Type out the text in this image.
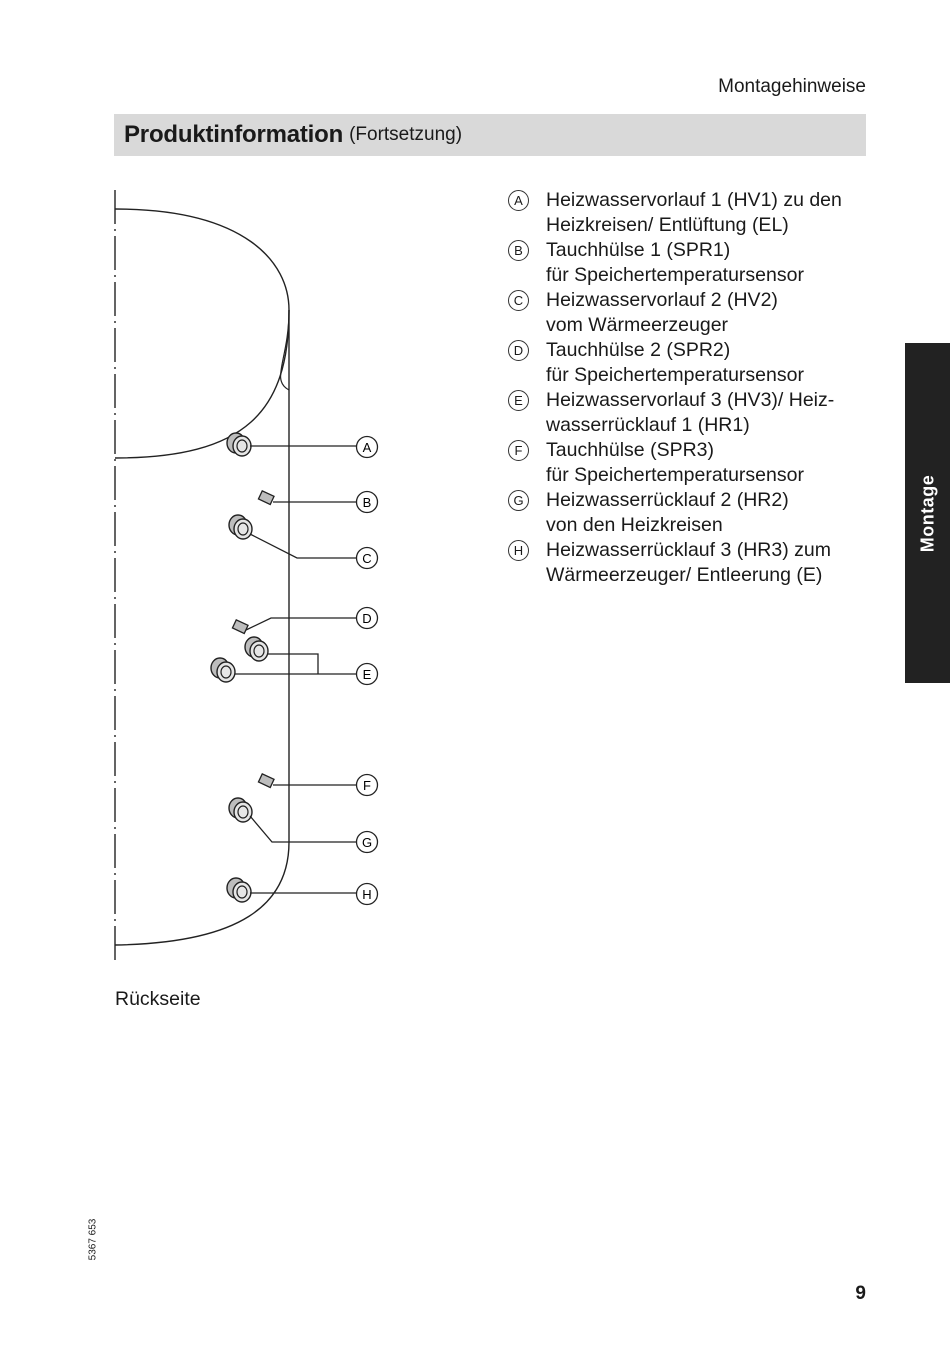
Montagehinweise
Produktinformation (Fortsetzung)
A
B
C
D
E
F
G
H
A	Heizwasservorlauf 1 (HV1) zu den
Heizkreisen/ Entlüftung (EL)
B	Tauchhülse 1 (SPR1)
für Speichertemperatursensor
C Heizwasservorlauf 2 (HV2)
vom Wärmeerzeuger
D Tauchhülse 2 (SPR2)
für Speichertemperatursensor
E	Heizwasservorlauf 3 (HV3)/ Heiz-
wasserrücklauf 1 (HR1)
F	Tauchhülse (SPR3)
für Speichertemperatursensor
G Heizwasserrücklauf 2 (HR2)
von den Heizkreisen
H Heizwasserrücklauf 3 (HR3) zum
Wärmeerzeuger/ Entleerung (E)
Montage
Rückseite
5367 653
9
